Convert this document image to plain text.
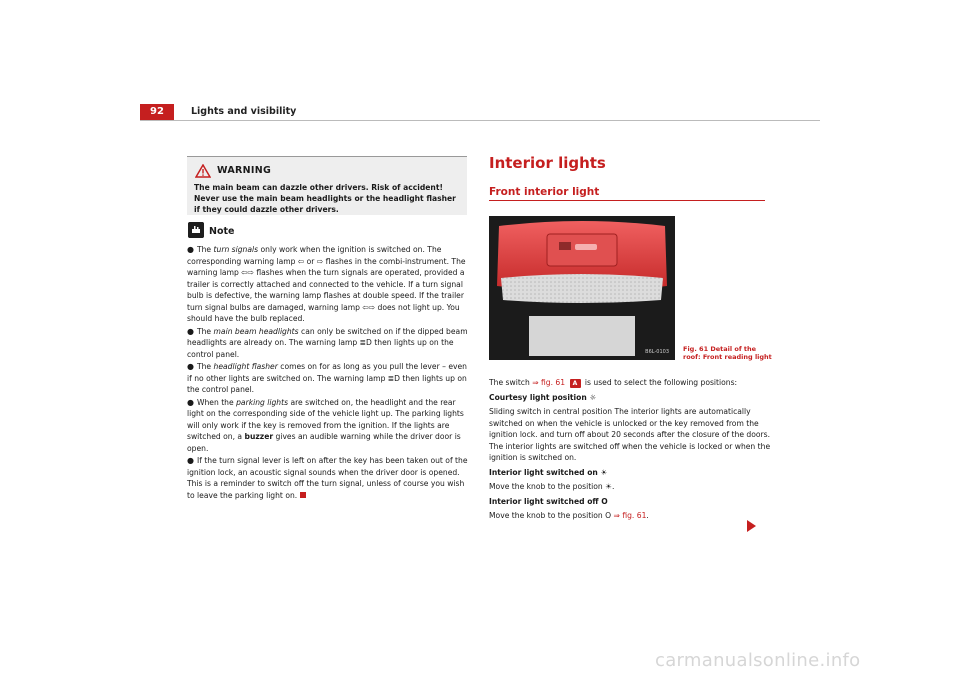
92	Lights and visibility
WARNING
The main beam can dazzle other drivers. Risk of accident! Never use the main beam headlights or the headlight flasher if they could dazzle other drivers.
Note

● The turn signals only work when the ignition is switched on. The corresponding warning lamp ⇦ or ⇨ flashes in the combi-instrument. The warning lamp ⇦⇨ flashes when the turn signals are operated, provided a trailer is correctly attached and connected to the vehicle. If a turn signal bulb is defective, the warning lamp flashes at double speed. If the trailer turn signal bulbs are damaged, warning lamp ⇦⇨ does not light up. You should have the bulb replaced.

● The main beam headlights can only be switched on if the dipped beam headlights are already on. The warning lamp ≣D then lights up on the control panel.

● The headlight flasher comes on for as long as you pull the lever – even if no other lights are switched on. The warning lamp ≣D then lights up on the control panel.

● When the parking lights are switched on, the headlight and the rear light on the corresponding side of the vehicle light up. The parking lights will only work if the key is removed from the ignition. If the lights are switched on, a buzzer gives an audible warning while the driver door is open.

● If the turn signal lever is left on after the key has been taken out of the ignition lock, an acoustic signal sounds when the driver door is opened. This is a reminder to switch off the turn signal, unless of course you wish to leave the parking light on.

Interior lights
Front interior light
B6L-0103 Fig. 61 Detail of the roof: Front reading light

The switch ⇒ fig. 61 A is used to select the following positions:

Courtesy light position ☼

Sliding switch in central position The interior lights are automatically switched on when the vehicle is unlocked or the key removed from the ignition lock. and turn off about 20 seconds after the closure of the doors. The interior lights are switched off when the vehicle is locked or when the ignition is switched on.

Interior light switched on ☀

Move the knob to the position ☀.

Interior light switched off O

Move the knob to the position O ⇒ fig. 61.

carmanualsonline.info
